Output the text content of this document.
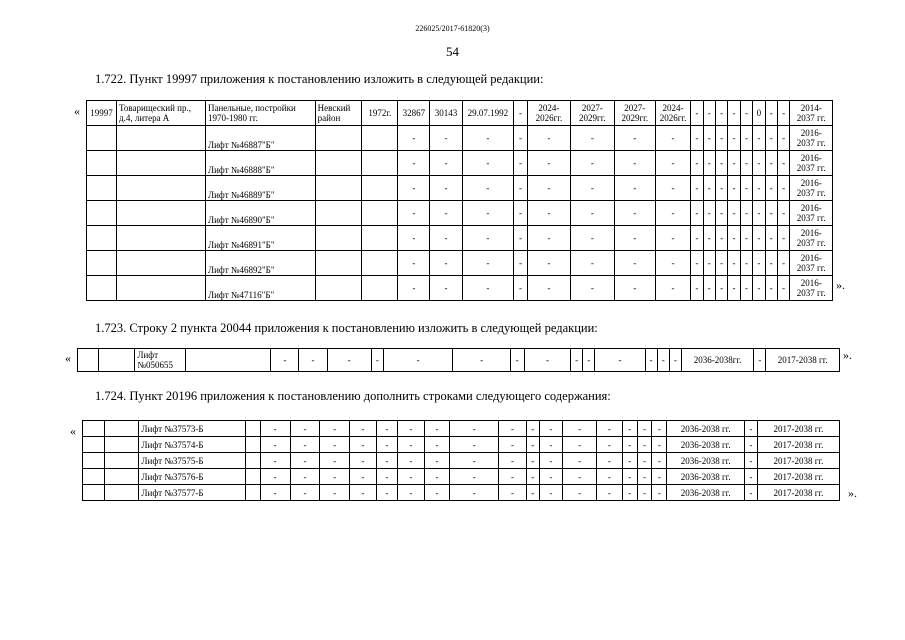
226025/2017-61820(3)
54
1.722. Пункт 19997 приложения к постановлению изложить в следующей редакции:
« 19997	Товарищеский пр., д.4, литера А	Панельные, постройки 1970-1980 гг.	Невский район	1972г.	32867	30143	29.07.1992	-	2024-2026гг.	2027-2029гг.	2027-2029гг.	2024-2026гг.	-	-	-	-	-	0	-	-	2014-2037 гг.
		Лифт №46887"Б"			-	-	-	-	-	-	-	-	-	-	-	-	-	-	-	-	2016-2037 гг.
		Лифт №46888"Б"			-	-	-	-	-	-	-	-	-	-	-	-	-	-	-	-	2016-2037 гг.
		Лифт №46889"Б"			-	-	-	-	-	-	-	-	-	-	-	-	-	-	-	-	2016-2037 гг.
		Лифт №46890"Б"			-	-	-	-	-	-	-	-	-	-	-	-	-	-	-	-	2016-2037 гг.
		Лифт №46891"Б"			-	-	-	-	-	-	-	-	-	-	-	-	-	-	-	-	2016-2037 гг.
		Лифт №46892"Б"			-	-	-	-	-	-	-	-	-	-	-	-	-	-	-	-	2016-2037 гг.
		Лифт №47116"Б"			-	-	-	-	-	-	-	-	-	-	-	-	-	-	-	-	2016-2037 гг.
».
1.723. Строку 2 пункта 20044 приложения к постановлению изложить в следующей редакции:
«
			Лифт №050655		-	-	-	-	-	-	-	-	-	-	-	-	-	-	2036-2038гг.	-	2017-2038 гг. ».
1.724. Пункт 20196 приложения к постановлению дополнить строками следующего содержания:
«
			Лифт №37573-Б		-	-	-	-	-	-	-	-	-	-	-	-	-	-	-	-	2036-2038 гг.	-	2017-2038 гг.
		Лифт №37574-Б		-	-	-	-	-	-	-	-	-	-	-	-	-	-	-	-	2036-2038 гг.	-	2017-2038 гг.
		Лифт №37575-Б		-	-	-	-	-	-	-	-	-	-	-	-	-	-	-	-	2036-2038 гг.	-	2017-2038 гг.
		Лифт №37576-Б		-	-	-	-	-	-	-	-	-	-	-	-	-	-	-	-	2036-2038 гг.	-	2017-2038 гг.
		Лифт №37577-Б		-	-	-	-	-	-	-	-	-	-	-	-	-	-	-	-	2036-2038 гг.	-	2017-2038 гг. ».
